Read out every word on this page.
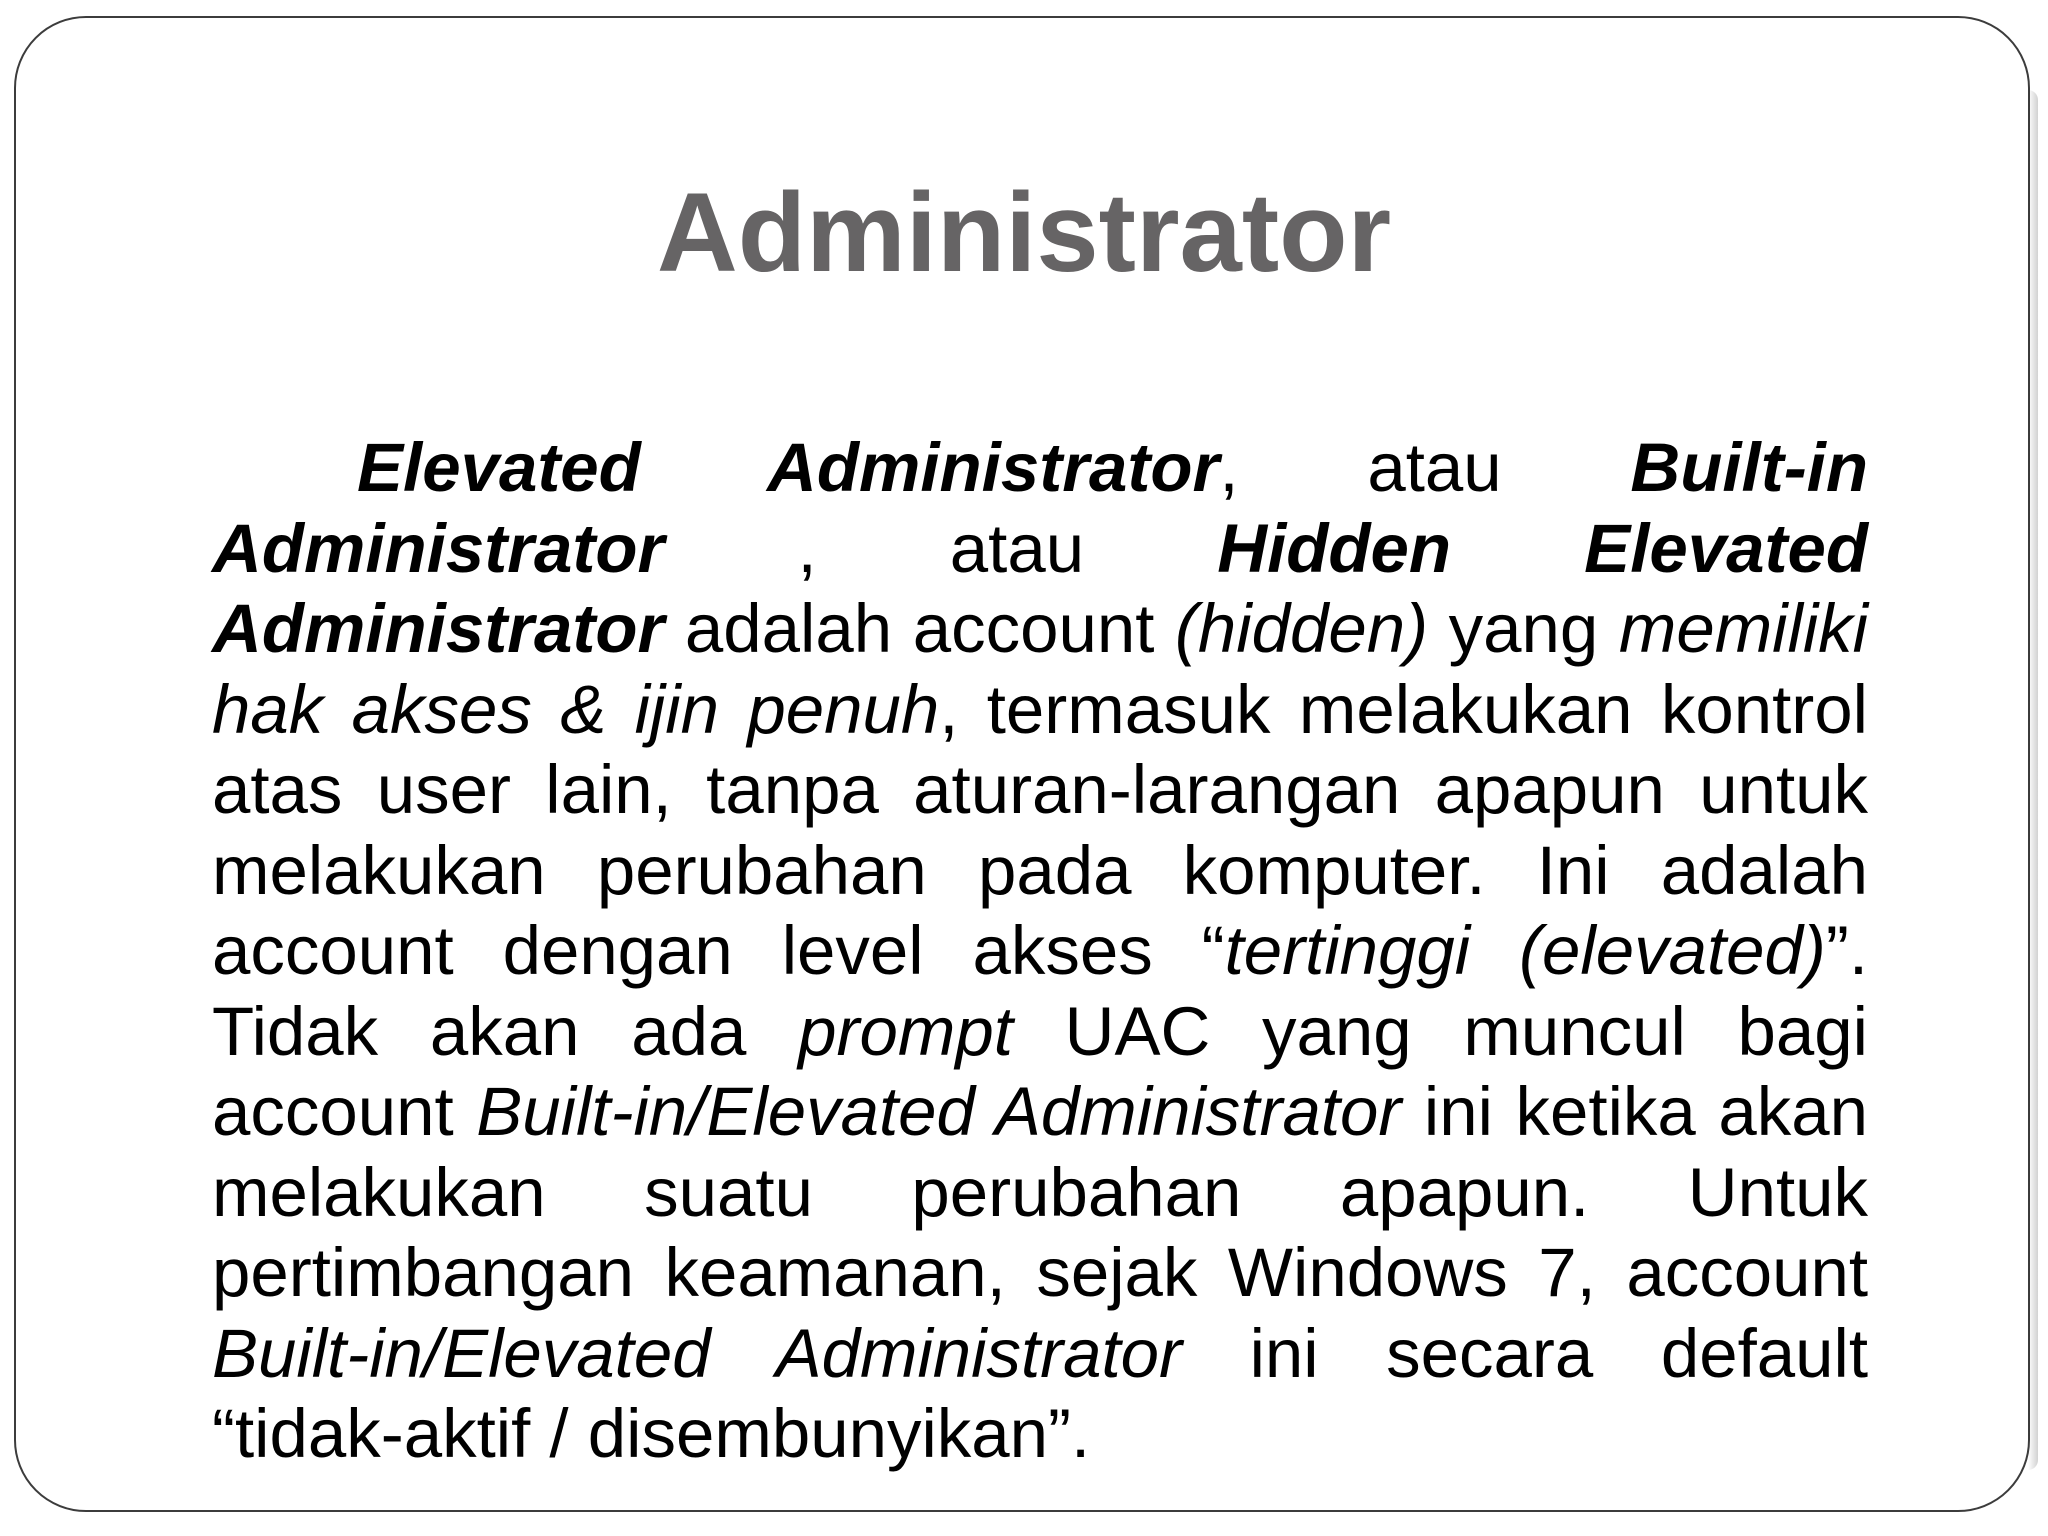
Administrator

Elevated Administrator, atau Built-in Administrator , atau Hidden Elevated Administrator adalah account (hidden) yang memiliki hak akses & ijin penuh, termasuk melakukan kontrol atas user lain, tanpa aturan-larangan apapun untuk melakukan perubahan pada komputer. Ini adalah account dengan level akses “tertinggi (elevated)”. Tidak akan ada prompt UAC yang muncul bagi account Built-in/Elevated Administrator ini ketika akan melakukan suatu perubahan apapun. Untuk pertimbangan keamanan, sejak Windows 7, account Built-in/Elevated Administrator ini secara default “tidak-aktif / disembunyikan”.
